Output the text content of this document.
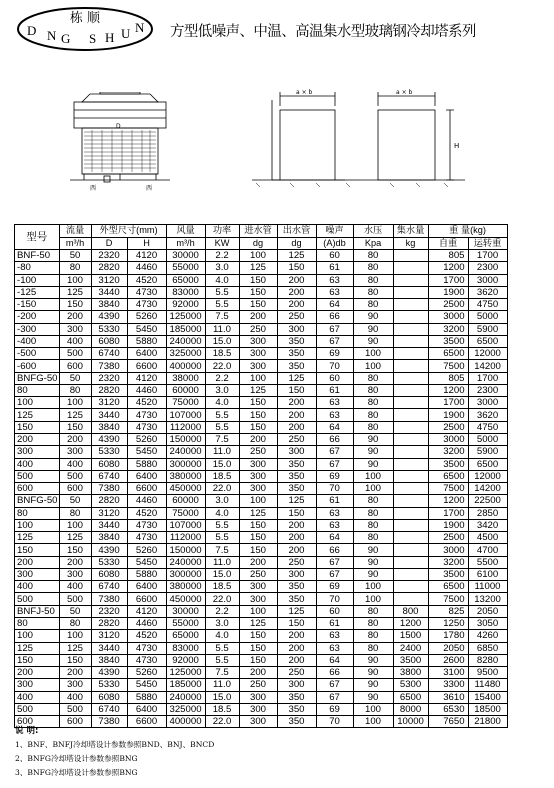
栋 顺
D N G S H U N 方型低噪声、中温、高温集水型玻璃钢冷却塔系列
D
西	西
a × b	a × b
H
型号	流量	外型尺寸(mm)		风量	功率	进水管	出水管	噪声	水压	集水量	重 量(kg)	
	m³/h	D	H	m³/h	KW	dg	dg	(A)db	Kpa	kg	自重	运转重
BNF-50	50	2320	4120	30000	2.2	100	125	60	80		805	1700
-80	80	2820	4460	55000	3.0	125	150	61	80		1200	2300
-100	100	3120	4520	65000	4.0	150	200	63	80		1700	3000
-125	125	3440	4730	83000	5.5	150	200	63	80		1900	3620
-150	150	3840	4730	92000	5.5	150	200	64	80		2500	4750
-200	200	4390	5260	125000	7.5	200	250	66	90		3000	5000
-300	300	5330	5450	185000	11.0	250	300	67	90		3200	5900
-400	400	6080	5880	240000	15.0	300	350	67	90		3500	6500
-500	500	6740	6400	325000	18.5	300	350	69	100		6500	12000
-600	600	7380	6600	400000	22.0	300	350	70	100		7500	14200
BNFG-50	50	2320	4120	38000	2.2	100	125	60	80		805	1700
80	80	2820	4460	60000	3.0	125	150	61	80		1200	2300
100	100	3120	4520	75000	4.0	150	200	63	80		1700	3000
125	125	3440	4730	107000	5.5	150	200	63	80		1900	3620
150	150	3840	4730	112000	5.5	150	200	64	80		2500	4750
200	200	4390	5260	150000	7.5	200	250	66	90		3000	5000
300	300	5330	5450	240000	11.0	250	300	67	90		3200	5900
400	400	6080	5880	300000	15.0	300	350	67	90		3500	6500
500	500	6740	6400	380000	18.5	300	350	69	100		6500	12000
600	600	7380	6600	450000	22.0	300	350	70	100		7500	14200
BNFG-50	50	2820	4460	60000	3.0	100	125	61	80		1200	22500
80	80	3120	4520	75000	4.0	125	150	63	80		1700	2850
100	100	3440	4730	107000	5.5	150	200	63	80		1900	3420
125	125	3840	4730	112000	5.5	150	200	64	80		2500	4500
150	150	4390	5260	150000	7.5	150	200	66	90		3000	4700
200	200	5330	5450	240000	11.0	200	250	67	90		3200	5500
300	300	6080	5880	300000	15.0	250	300	67	90		3500	6100
400	400	6740	6400	380000	18.5	300	350	69	100		6500	11000
500	500	7380	6600	450000	22.0	300	350	70	100		7500	13200
BNFJ-50	50	2320	4120	30000	2.2	100	125	60	80	800	825	2050
80	80	2820	4460	55000	3.0	125	150	61	80	1200	1250	3050
100	100	3120	4520	65000	4.0	150	200	63	80	1500	1780	4260
125	125	3440	4730	83000	5.5	150	200	63	80	2400	2050	6850
150	150	3840	4730	92000	5.5	150	200	64	90	3500	2600	8280
200	200	4390	5260	125000	7.5	200	250	66	90	3800	3100	9500
300	300	5330	5450	185000	11.0	250	300	67	90	5300	3300	11480
400	400	6080	5880	240000	15.0	300	350	67	90	6500	3610	15400
500	500	6740	6400	325000	18.5	300	350	69	100	8000	6530	18500
600	600	7380	6600	400000	22.0	300	350	70	100	10000	7650	21800
说 明:
1、BNF、BNFJ冷却塔设计参数参照BND、BNJ、BNCD
2、BNFG冷却塔设计参数参照BNG
3、BNFG冷却塔设计参数参照BNG
